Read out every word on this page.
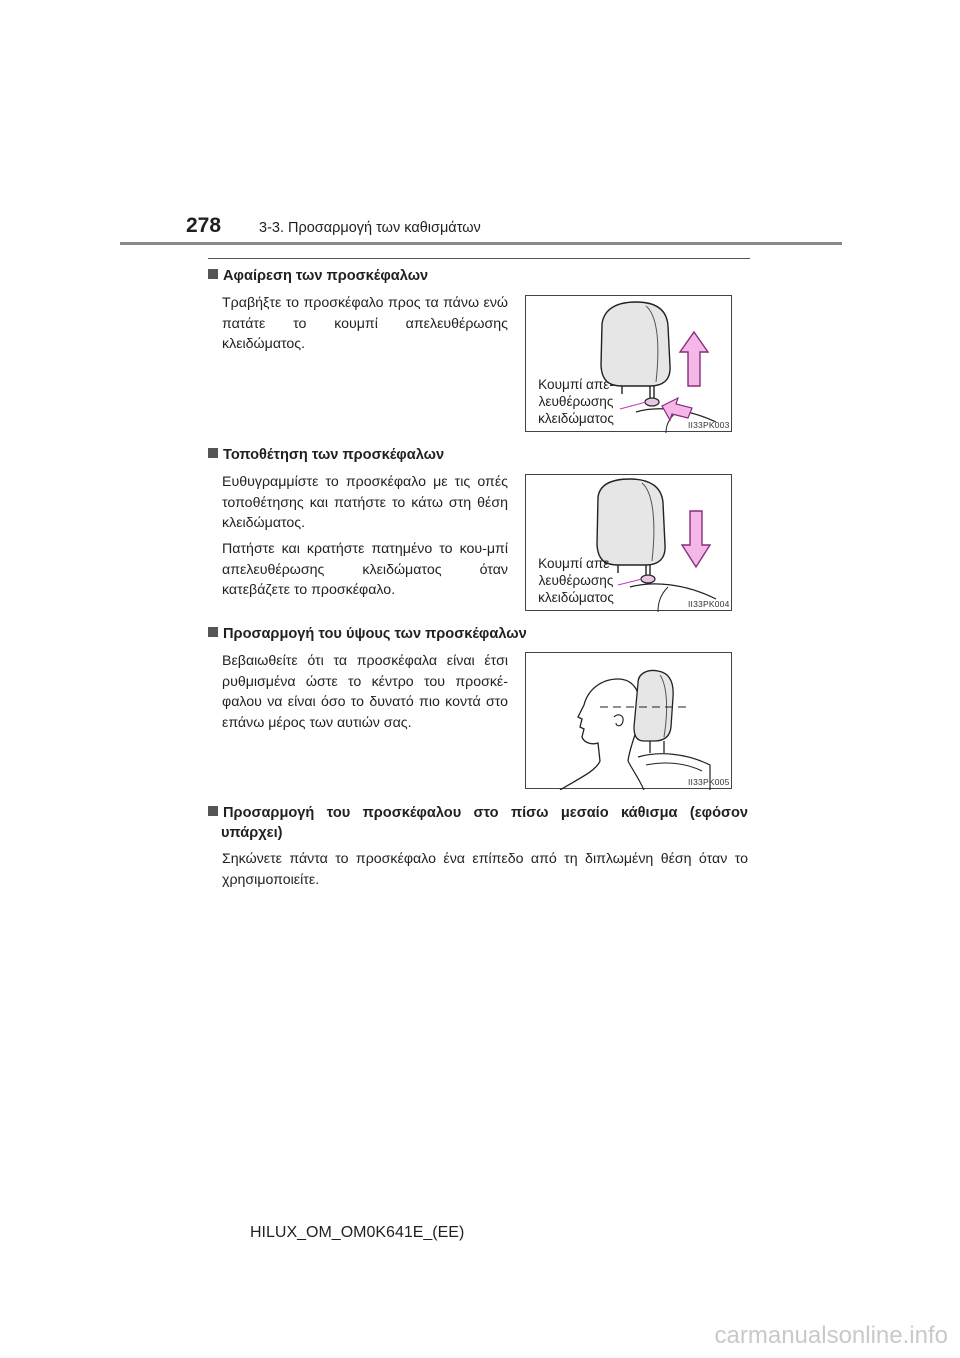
278	3-3. Προσαρμογή των καθισμάτων
Αφαίρεση των προσκέφαλων
Τραβήξτε το προσκέφαλο προς τα πάνω ενώ πατάτε το κουμπί απελευθέρωσης κλειδώματος.
Κουμπί απε-
λευθέρωσης
κλειδώματος	II33PK003
Τοποθέτηση των προσκέφαλων
Ευθυγραμμίστε το προσκέφαλο με τις οπές τοποθέτησης και πατήστε το κάτω στη θέση κλειδώματος.
Πατήστε και κρατήστε πατημένο το κου-μπί απελευθέρωσης κλειδώματος όταν κατεβάζετε το προσκέφαλο.
Κουμπί απε-
λευθέρωσης
κλειδώματος	II33PK004
Προσαρμογή του ύψους των προσκέφαλων
Βεβαιωθείτε ότι τα προσκέφαλα είναι έτσι ρυθμισμένα ώστε το κέντρο του προσκέ-φαλου να είναι όσο το δυνατό πιο κοντά στο επάνω μέρος των αυτιών σας.
II33PK005
Προσαρμογή του προσκέφαλου στο πίσω μεσαίο κάθισμα (εφόσον
υπάρχει)
Σηκώνετε πάντα το προσκέφαλο ένα επίπεδο από τη διπλωμένη θέση όταν το χρησιμοποιείτε.
HILUX_OM_OM0K641E_(EE)
carmanualsonline.info
